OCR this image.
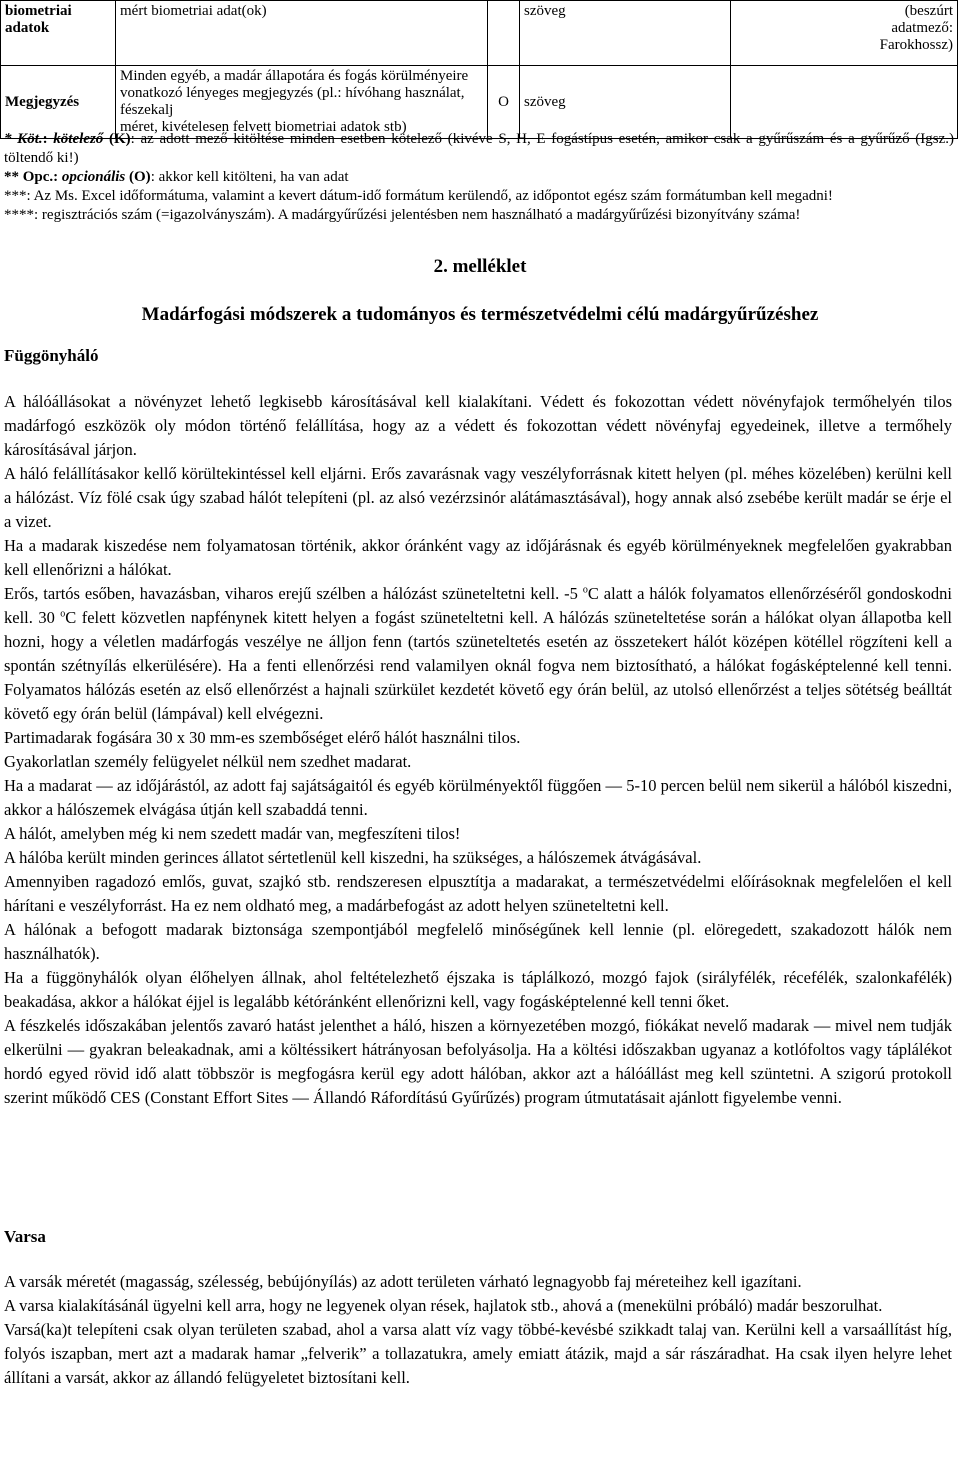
biometriai
adatok	mért biometriai adat(ok)		szöveg	(beszúrt
adatmező:
Farokhossz)
Megjegyzés	Minden egyéb, a madár állapotára és fogás körülményeire
vonatkozó lényeges megjegyzés (pl.: hívóhang használat, fészekalj
méret, kivételesen felvett biometriai adatok stb)	O	szöveg	

* Köt.: kötelező (K): az adott mező kitöltése minden esetben kötelező (kivéve S, H, E fogástípus esetén, amikor csak a gyűrűszám és a gyűrűző (Igsz.) töltendő ki!)

** Opc.: opcionális (O): akkor kell kitölteni, ha van adat

***: Az Ms. Excel időformátuma, valamint a kevert dátum-idő formátum kerülendő, az időpontot egész szám formátumban kell megadni!

****: regisztrációs szám (=igazolványszám). A madárgyűrűzési jelentésben nem használható a madárgyűrűzési bizonyítvány száma!

2. melléklet
Madárfogási módszerek a tudományos és természetvédelmi célú madárgyűrűzéshez
Függönyháló

A hálóállásokat a növényzet lehető legkisebb károsításával kell kialakítani. Védett és fokozottan védett növényfajok termőhelyén tilos madárfogó eszközök oly módon történő felállítása, hogy az a védett és fokozottan védett növényfaj egyedeinek, illetve a termőhely károsításával járjon.

A háló felállításakor kellő körültekintéssel kell eljárni. Erős zavarásnak vagy veszélyforrásnak kitett helyen (pl. méhes közelében) kerülni kell a hálózást. Víz fölé csak úgy szabad hálót telepíteni (pl. az alsó vezérzsinór alátámasztásával), hogy annak alsó zsebébe került madár se érje el a vizet.

Ha a madarak kiszedése nem folyamatosan történik, akkor óránként vagy az időjárásnak és egyéb körülményeknek megfelelően gyakrabban kell ellenőrizni a hálókat.

Erős, tartós esőben, havazásban, viharos erejű szélben a hálózást szüneteltetni kell. -5 $^o$C alatt a hálók folyamatos ellenőrzéséről gondoskodni kell. 30 $^o$C felett közvetlen napfénynek kitett helyen a fogást szüneteltetni kell. A hálózás szüneteltetése során a hálókat olyan állapotba kell hozni, hogy a véletlen madárfogás veszélye ne álljon fenn (tartós szüneteltetés esetén az összetekert hálót középen kötéllel rögzíteni kell a spontán szétnyílás elkerülésére). Ha a fenti ellenőrzési rend valamilyen oknál fogva nem biztosítható, a hálókat fogásképtelenné kell tenni. Folyamatos hálózás esetén az első ellenőrzést a hajnali szürkület kezdetét követő egy órán belül, az utolsó ellenőrzést a teljes sötétség beálltát követő egy órán belül (lámpával) kell elvégezni.

Partimadarak fogására 30 x 30 mm-es szembőséget elérő hálót használni tilos.

Gyakorlatlan személy felügyelet nélkül nem szedhet madarat.

Ha a madarat ― az időjárástól, az adott faj sajátságaitól és egyéb körülményektől függően ― 5-10 percen belül nem sikerül a hálóból kiszedni, akkor a hálószemek elvágása útján kell szabaddá tenni.

A hálót, amelyben még ki nem szedett madár van, megfeszíteni tilos!

A hálóba került minden gerinces állatot sértetlenül kell kiszedni, ha szükséges, a hálószemek átvágásával.

Amennyiben ragadozó emlős, guvat, szajkó stb. rendszeresen elpusztítja a madarakat, a természetvédelmi előírásoknak megfelelően el kell hárítani e veszélyforrást. Ha ez nem oldható meg, a madárbefogást az adott helyen szüneteltetni kell.

A hálónak a befogott madarak biztonsága szempontjából megfelelő minőségűnek kell lennie (pl. elöregedett, szakadozott hálók nem használhatók).

Ha a függönyhálók olyan élőhelyen állnak, ahol feltételezhető éjszaka is táplálkozó, mozgó fajok (sirályfélék, récefélék, szalonkafélék) beakadása, akkor a hálókat éjjel is legalább kétóránként ellenőrizni kell, vagy fogásképtelenné kell tenni őket.

A fészkelés időszakában jelentős zavaró hatást jelenthet a háló, hiszen a környezetében mozgó, fiókákat nevelő madarak ― mivel nem tudják elkerülni ― gyakran beleakadnak, ami a költéssikert hátrányosan befolyásolja. Ha a költési időszakban ugyanaz a kotlófoltos vagy táplálékot hordó egyed rövid idő alatt többször is megfogásra kerül egy adott hálóban, akkor azt a hálóállást meg kell szüntetni. A szigorú protokoll szerint működő CES (Constant Effort Sites ― Állandó Ráfordítású Gyűrűzés) program útmutatásait ajánlott figyelembe venni.

Varsa

A varsák méretét (magasság, szélesség, bebújónyílás) az adott területen várható legnagyobb faj méreteihez kell igazítani.

A varsa kialakításánál ügyelni kell arra, hogy ne legyenek olyan rések, hajlatok stb., ahová a (menekülni próbáló) madár beszorulhat.

Varsá(ka)t telepíteni csak olyan területen szabad, ahol a varsa alatt víz vagy többé-kevésbé szikkadt talaj van. Kerülni kell a varsaállítást híg, folyós iszapban, mert azt a madarak hamar „felverik” a tollazatukra, amely emiatt átázik, majd a sár rászáradhat. Ha csak ilyen helyre lehet állítani a varsát, akkor az állandó felügyeletet biztosítani kell.
